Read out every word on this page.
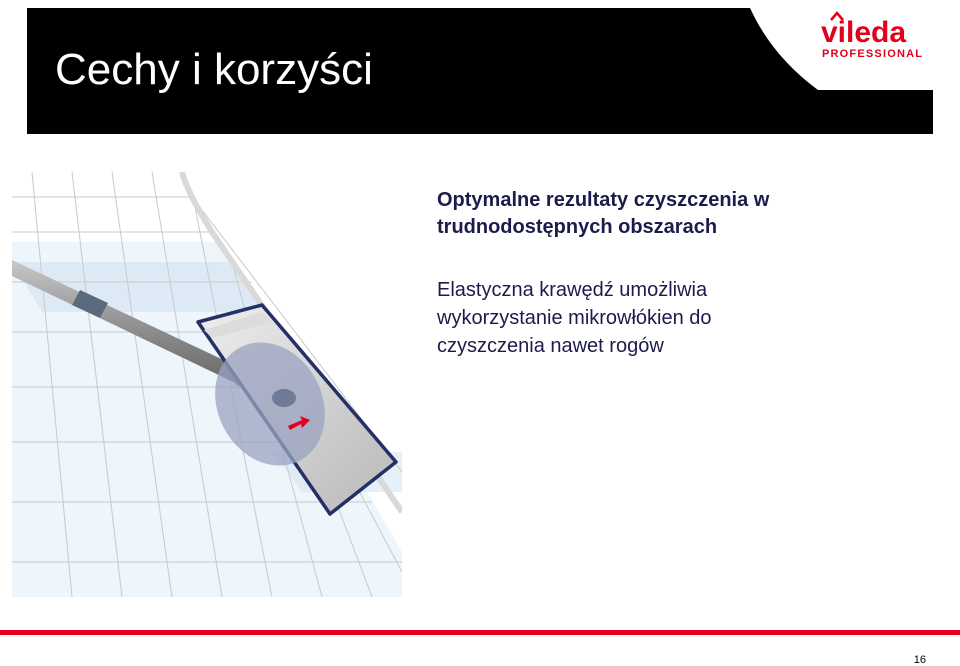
Cechy i korzyści
vileda
PROFESSIONAL
Optymalne rezultaty czyszczenia w
trudnodostępnych obszarach
Elastyczna krawędź umożliwia
wykorzystanie mikrowłókien do
czyszczenia nawet rogów
16
